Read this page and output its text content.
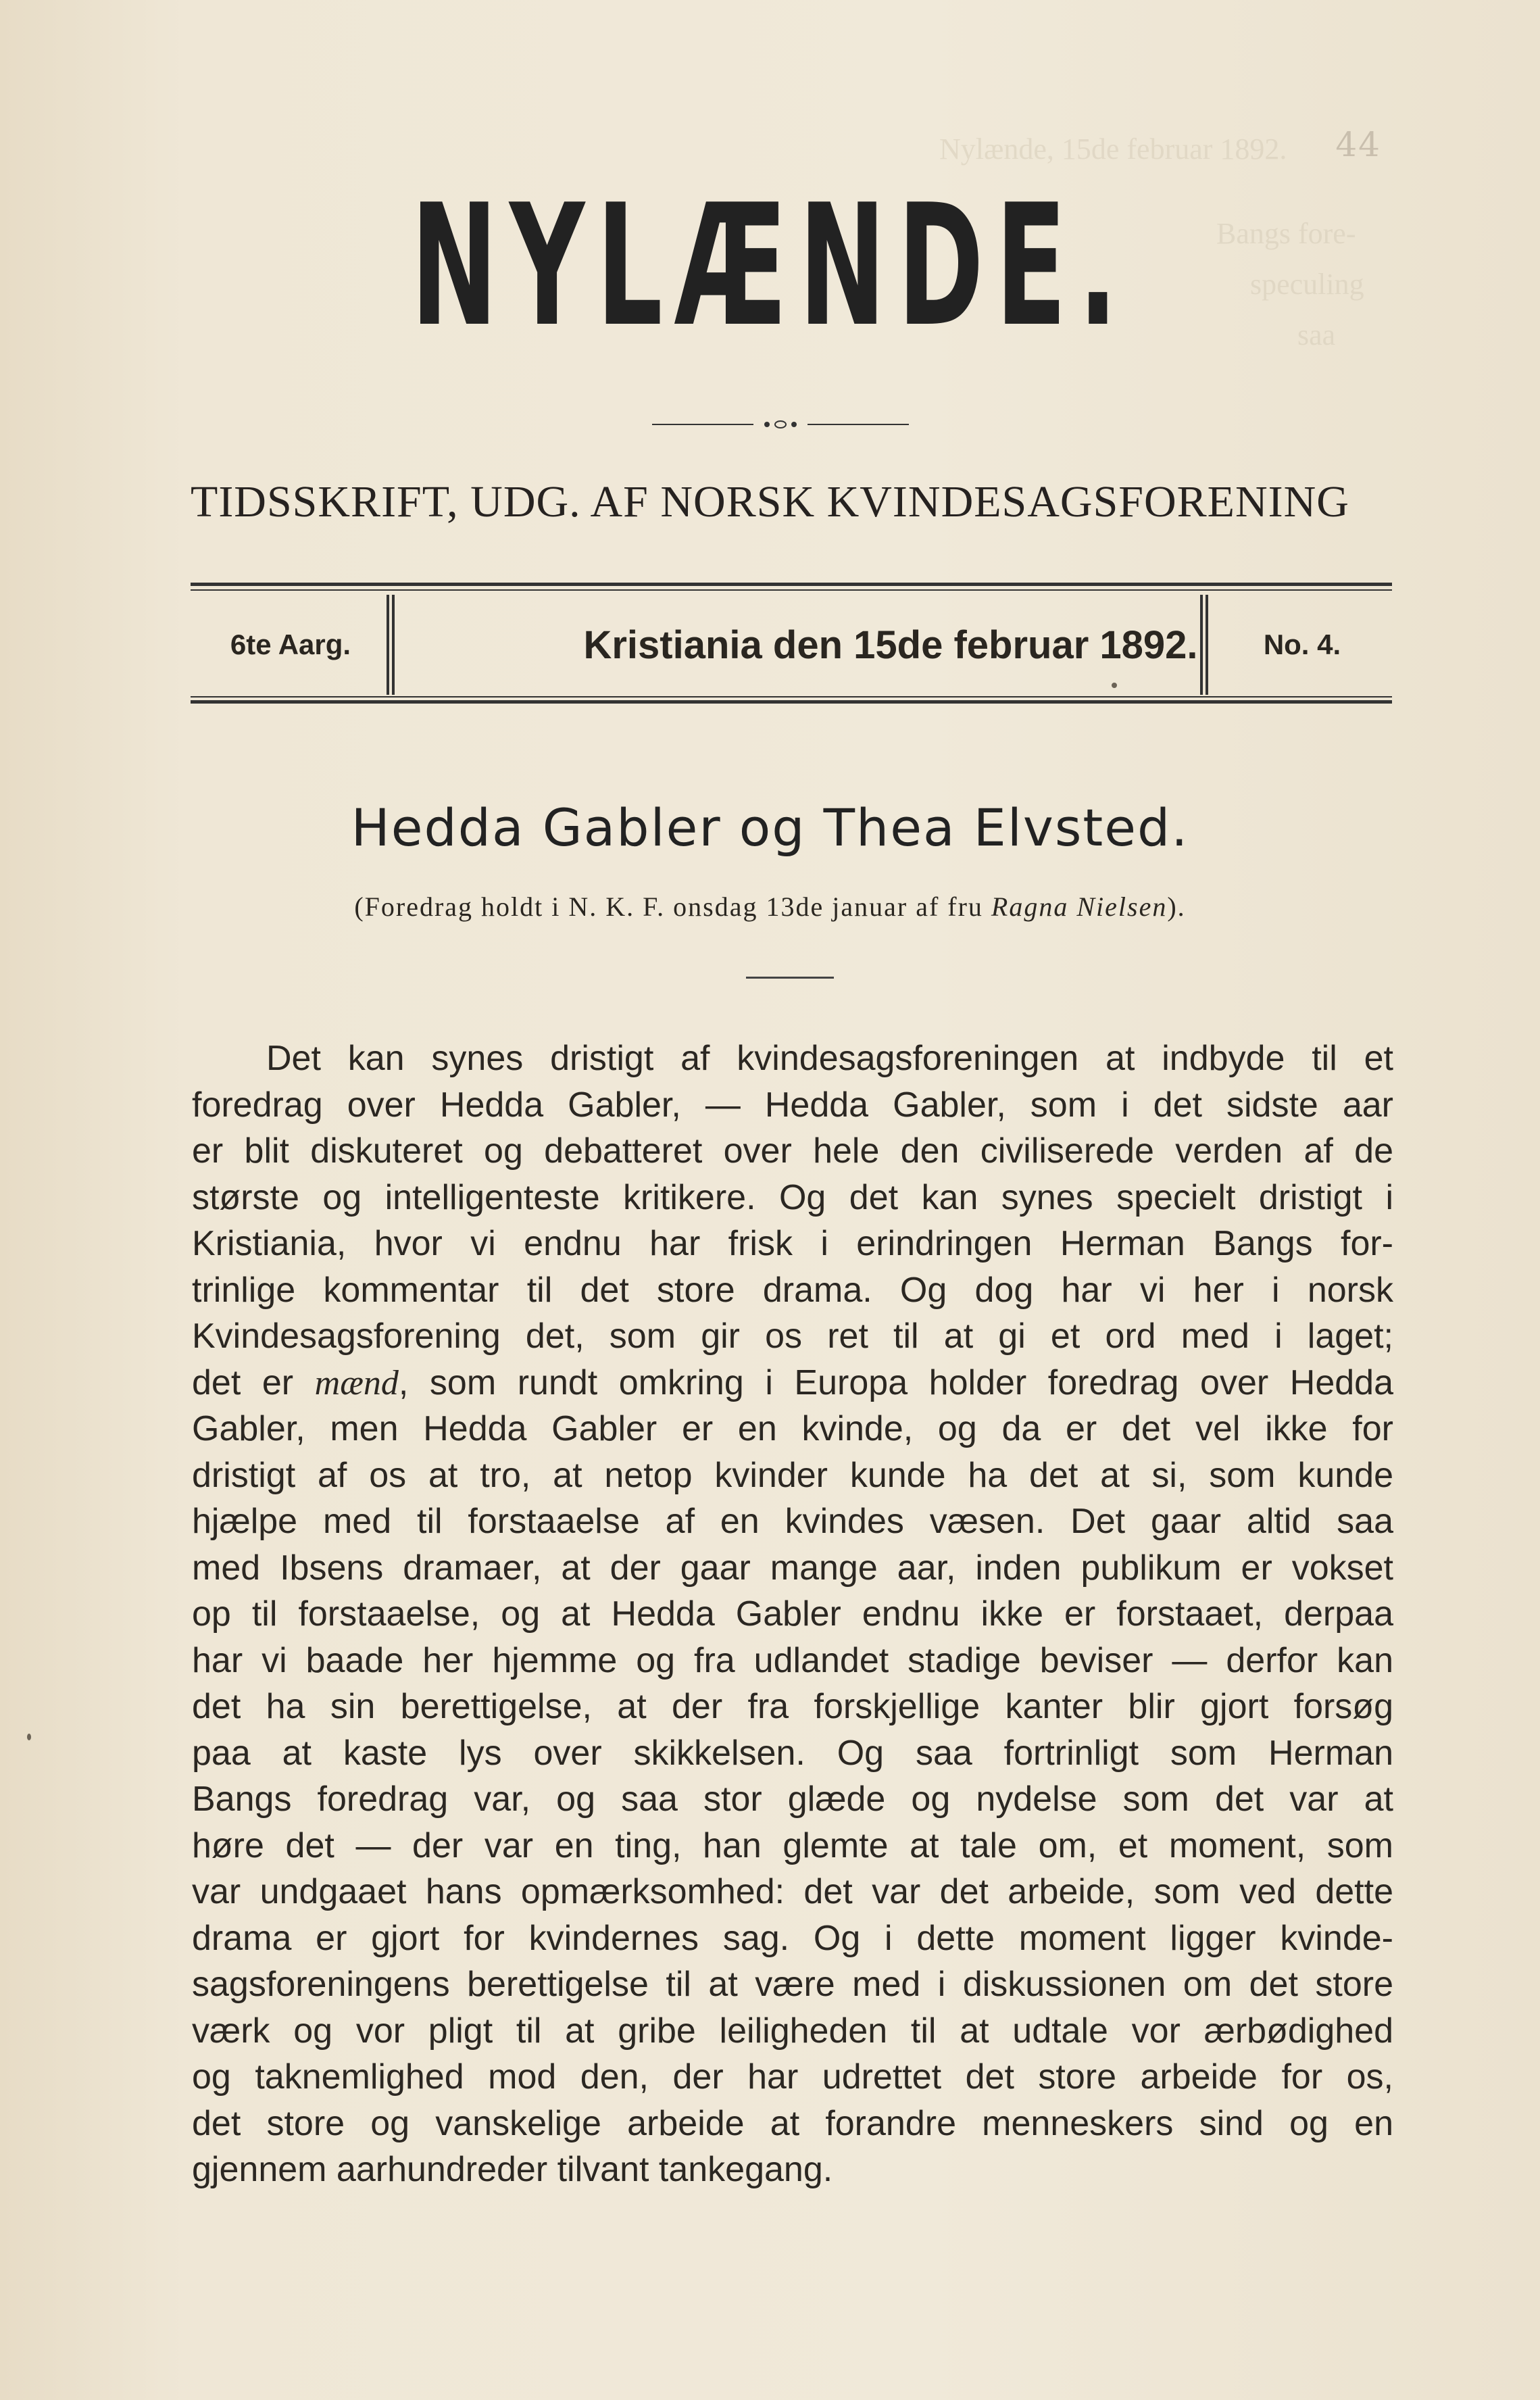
Nylænde, 15de februar 1892.
Bangs fore-
speculing
saa
44
NYLÆNDE.
TIDSSKRIFT, UDG. AF NORSK KVINDESAGSFORENING
6te Aarg.	Kristiania den 15de februar 1892.	No. 4.
Hedda Gabler og Thea Elvsted.
(Foredrag holdt i N. K. F. onsdag 13de januar af fru Ragna Nielsen).
Det kan synes dristigt af kvindesagsforeningen at indbyde til et
foredrag over Hedda Gabler, — Hedda Gabler, som i det sidste aar
er blit diskuteret og debatteret over hele den civiliserede verden af de
største og intelligenteste kritikere. Og det kan synes specielt dristigt i
Kristiania, hvor vi endnu har frisk i erindringen Herman Bangs for-
trinlige kommentar til det store drama. Og dog har vi her i norsk
Kvindesagsforening det, som gir os ret til at gi et ord med i laget;
det er mænd, som rundt omkring i Europa holder foredrag over Hedda
Gabler, men Hedda Gabler er en kvinde, og da er det vel ikke for
dristigt af os at tro, at netop kvinder kunde ha det at si, som kunde
hjælpe med til forstaaelse af en kvindes væsen. Det gaar altid saa
med Ibsens dramaer, at der gaar mange aar, inden publikum er vokset
op til forstaaelse, og at Hedda Gabler endnu ikke er forstaaet, derpaa
har vi baade her hjemme og fra udlandet stadige beviser — derfor kan
det ha sin berettigelse, at der fra forskjellige kanter blir gjort forsøg
paa at kaste lys over skikkelsen. Og saa fortrinligt som Herman
Bangs foredrag var, og saa stor glæde og nydelse som det var at
høre det — der var en ting, han glemte at tale om, et moment, som
var undgaaet hans opmærksomhed: det var det arbeide, som ved dette
drama er gjort for kvindernes sag. Og i dette moment ligger kvinde-
sagsforeningens berettigelse til at være med i diskussionen om det store
værk og vor pligt til at gribe leiligheden til at udtale vor ærbødighed
og taknemlighed mod den, der har udrettet det store arbeide for os,
det store og vanskelige arbeide at forandre menneskers sind og en
gjennem aarhundreder tilvant tankegang.
